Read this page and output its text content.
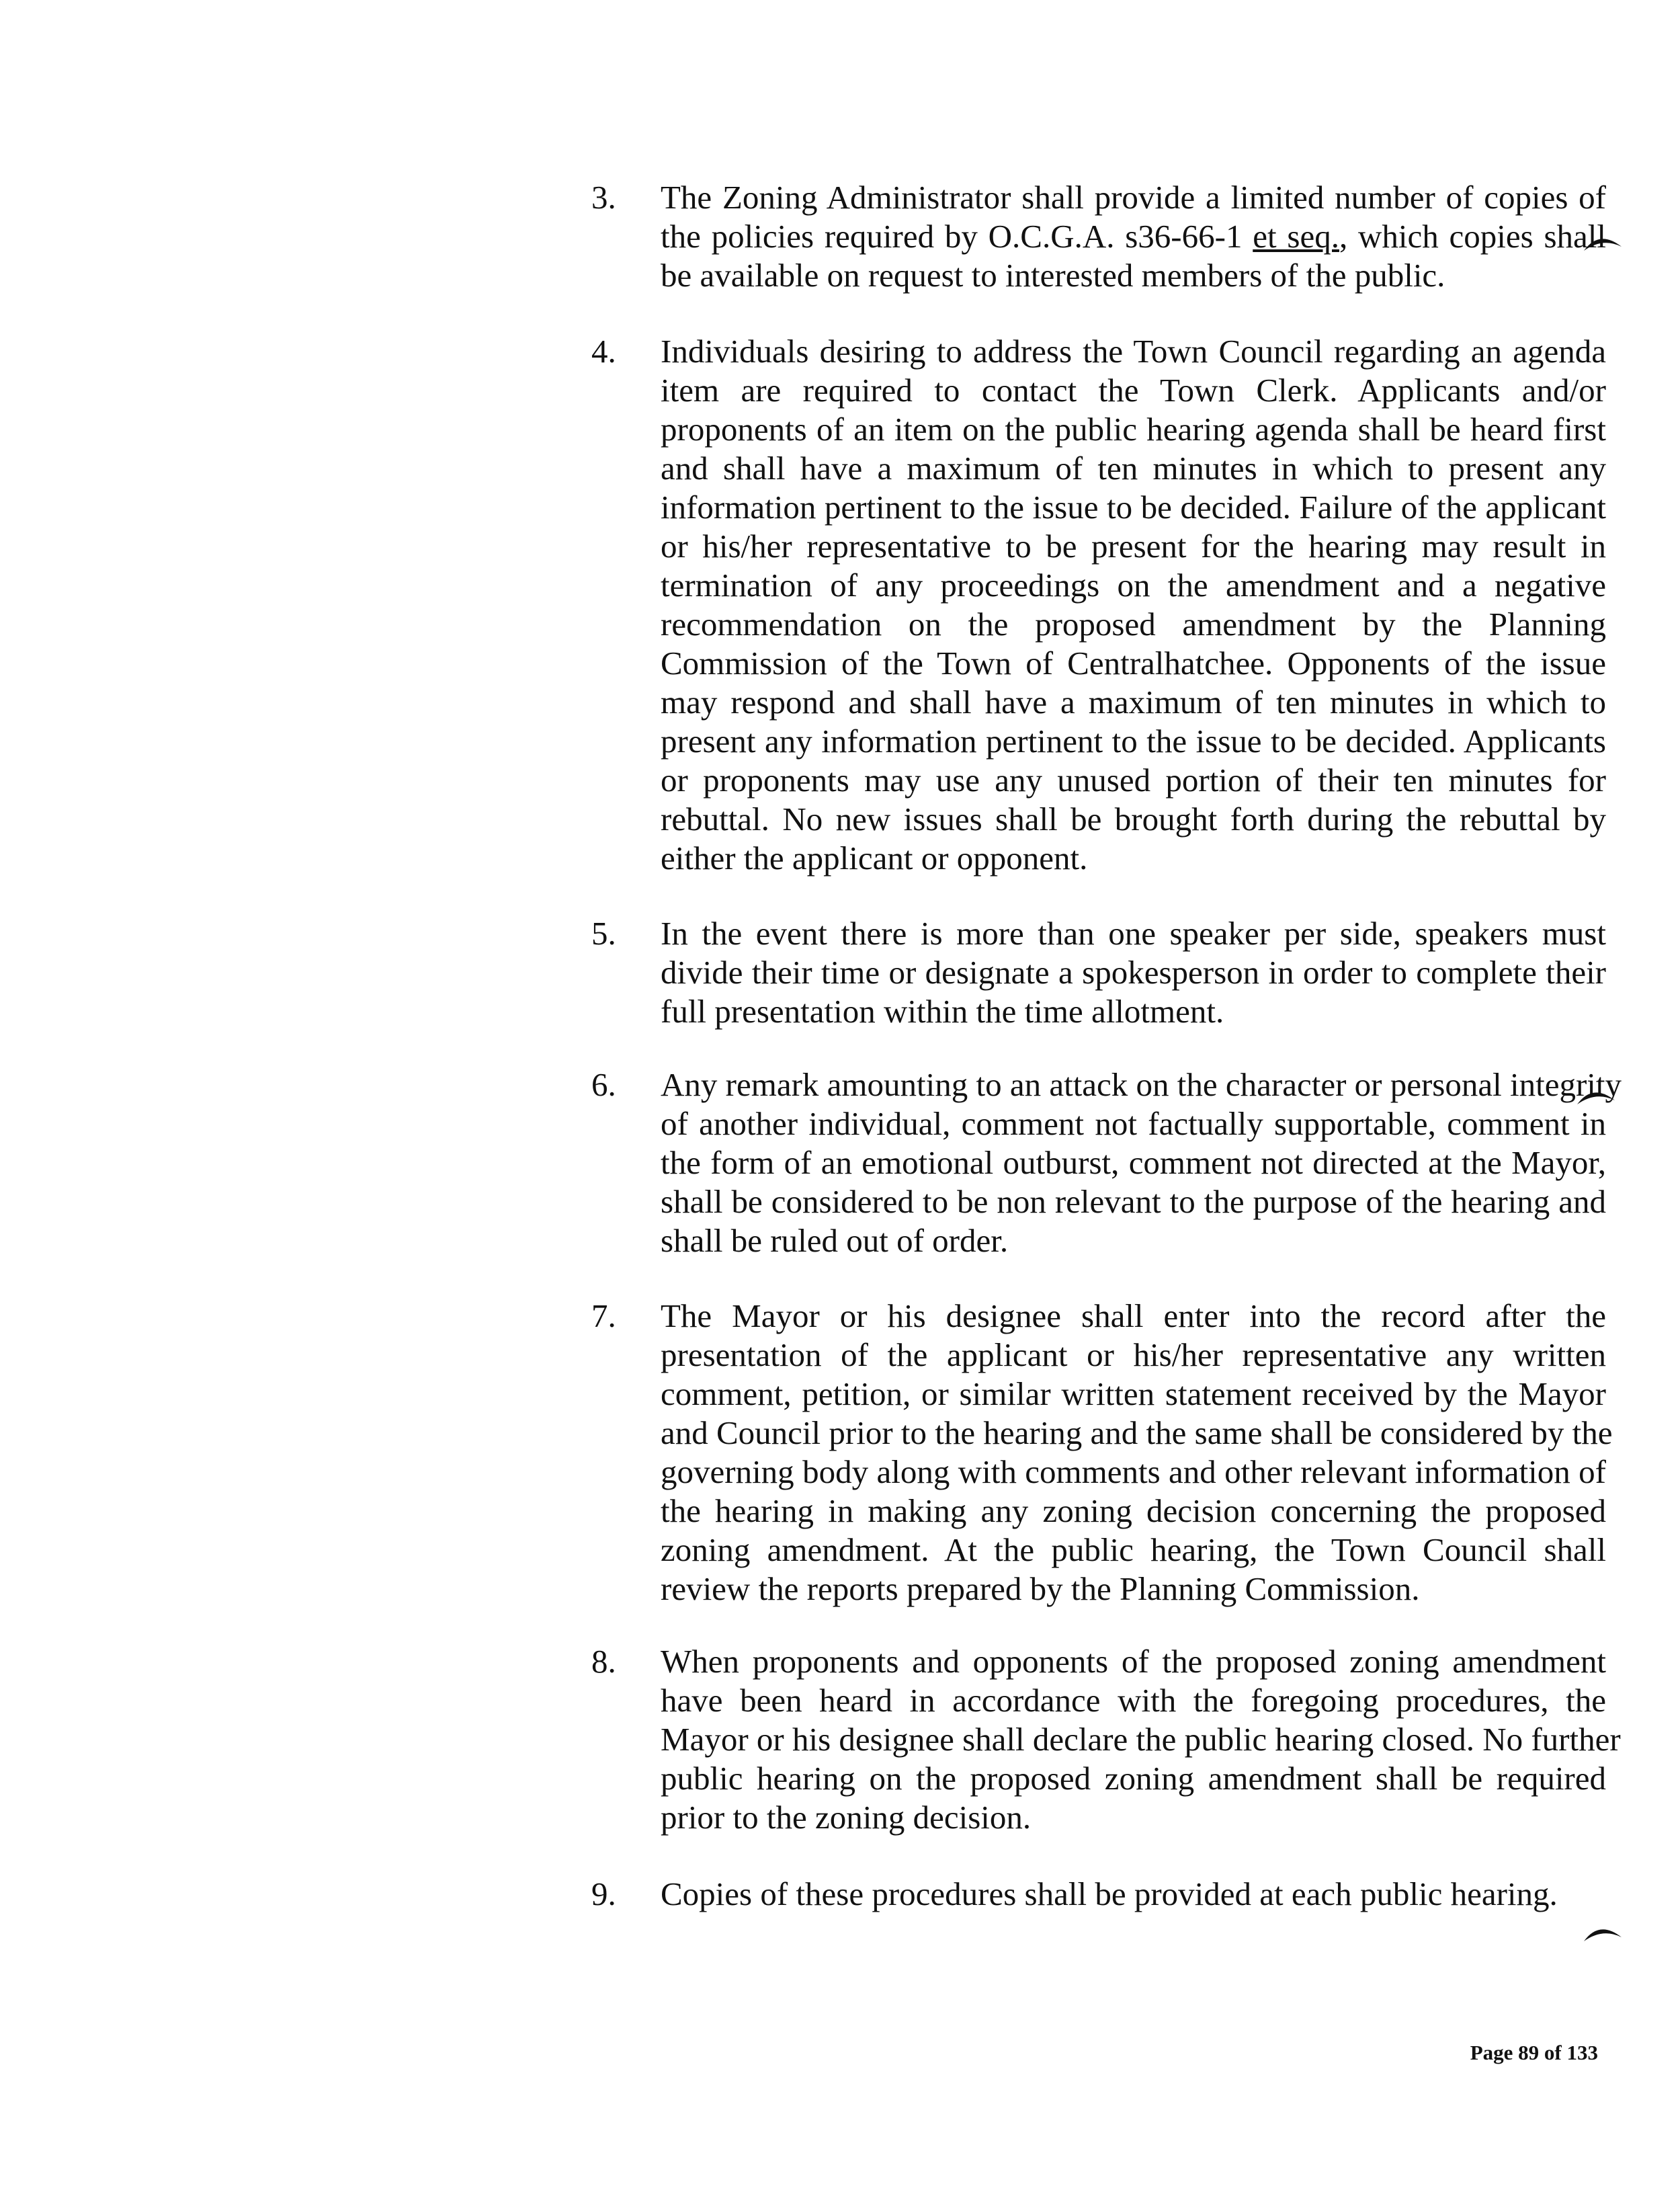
3. The Zoning Administrator shall provide a limited number of copies of
the policies required by O.C.G.A. s36-66-1 et seq., which copies shall
be available on request to interested members of the public.
4. Individuals desiring to address the Town Council regarding an agenda
item are required to contact the Town Clerk. Applicants and/or
proponents of an item on the public hearing agenda shall be heard first
and shall have a maximum of ten minutes in which to present any
information pertinent to the issue to be decided. Failure of the applicant
or his/her representative to be present for the hearing may result in
termination of any proceedings on the amendment and a negative
recommendation on the proposed amendment by the Planning
Commission of the Town of Centralhatchee. Opponents of the issue
may respond and shall have a maximum of ten minutes in which to
present any information pertinent to the issue to be decided. Applicants
or proponents may use any unused portion of their ten minutes for
rebuttal. No new issues shall be brought forth during the rebuttal by
either the applicant or opponent.
5. In the event there is more than one speaker per side, speakers must
divide their time or designate a spokesperson in order to complete their
full presentation within the time allotment.
6. Any remark amounting to an attack on the character or personal integrity
of another individual, comment not factually supportable, comment in
the form of an emotional outburst, comment not directed at the Mayor,
shall be considered to be non relevant to the purpose of the hearing and
shall be ruled out of order.
7. The Mayor or his designee shall enter into the record after the
presentation of the applicant or his/her representative any written
comment, petition, or similar written statement received by the Mayor
and Council prior to the hearing and the same shall be considered by the
governing body along with comments and other relevant information of
the hearing in making any zoning decision concerning the proposed
zoning amendment. At the public hearing, the Town Council shall
review the reports prepared by the Planning Commission.
8. When proponents and opponents of the proposed zoning amendment
have been heard in accordance with the foregoing procedures, the
Mayor or his designee shall declare the public hearing closed. No further
public hearing on the proposed zoning amendment shall be required
prior to the zoning decision.
9. Copies of these procedures shall be provided at each public hearing.
Page 89 of 133
